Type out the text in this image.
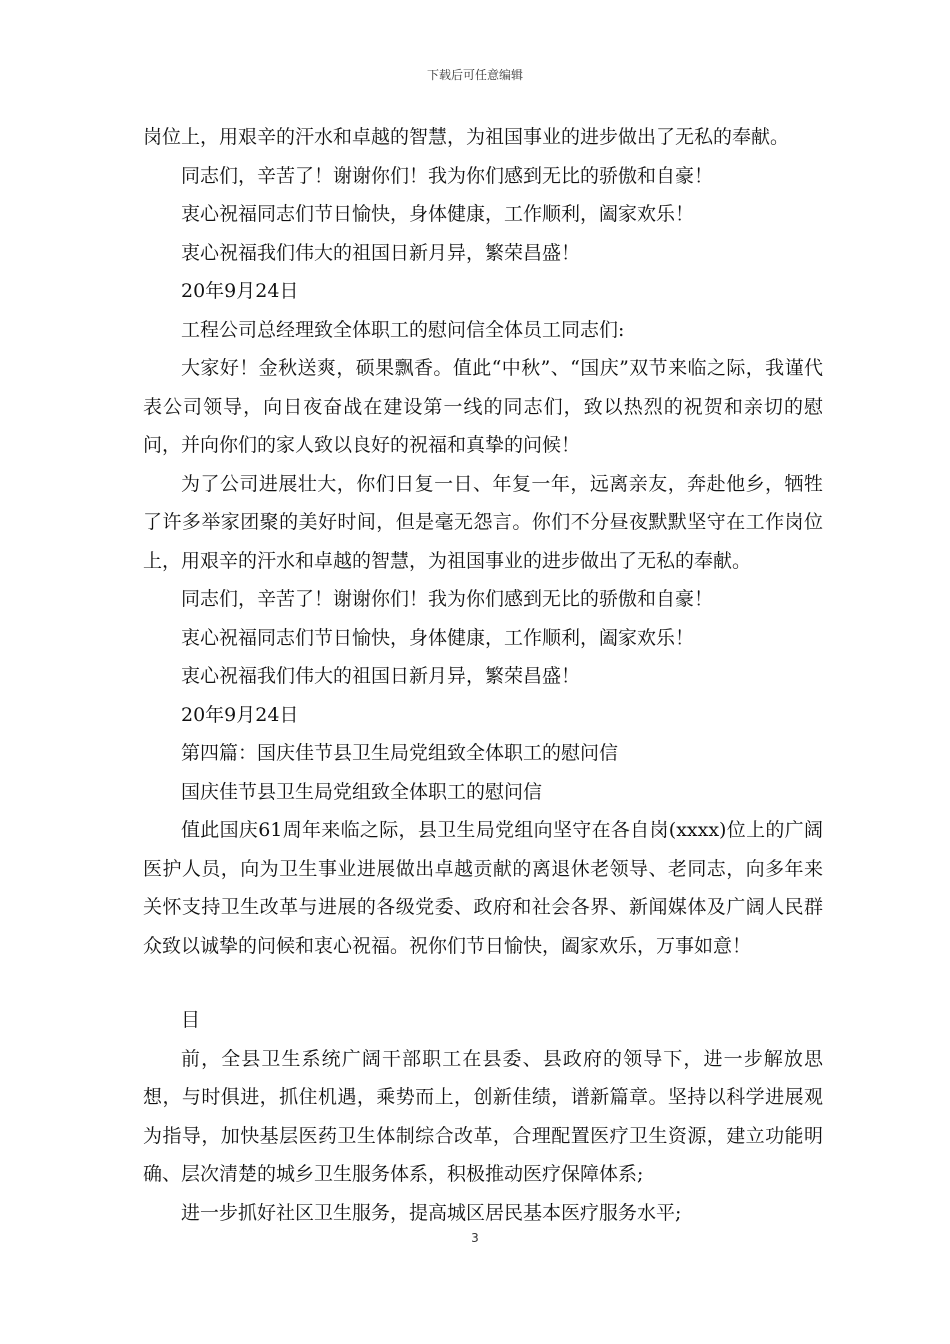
下载后可任意编辑

岗位上，用艰辛的汗水和卓越的智慧，为祖国事业的进步做出了无私的奉献。

同志们，辛苦了！谢谢你们！我为你们感到无比的骄傲和自豪！

衷心祝福同志们节日愉快，身体健康，工作顺利，阖家欢乐！

衷心祝福我们伟大的祖国日新月异，繁荣昌盛！

20年9月24日

工程公司总经理致全体职工的慰问信全体员工同志们:

大家好！金秋送爽，硕果飘香。值此“中秋”、“国庆”双节来临之际，我谨代表公司领导，向日夜奋战在建设第一线的同志们，致以热烈的祝贺和亲切的慰问，并向你们的家人致以良好的祝福和真挚的问候！

为了公司进展壮大，你们日复一日、年复一年，远离亲友，奔赴他乡，牺牲了许多举家团聚的美好时间，但是毫无怨言。你们不分昼夜默默坚守在工作岗位上，用艰辛的汗水和卓越的智慧，为祖国事业的进步做出了无私的奉献。

同志们，辛苦了！谢谢你们！我为你们感到无比的骄傲和自豪！

衷心祝福同志们节日愉快，身体健康，工作顺利，阖家欢乐！

衷心祝福我们伟大的祖国日新月异，繁荣昌盛！

20年9月24日

第四篇：国庆佳节县卫生局党组致全体职工的慰问信

国庆佳节县卫生局党组致全体职工的慰问信

值此国庆61周年来临之际，县卫生局党组向坚守在各自岗(xxxx)位上的广阔医护人员，向为卫生事业进展做出卓越贡献的离退休老领导、老同志，向多年来关怀支持卫生改革与进展的各级党委、政府和社会各界、新闻媒体及广阔人民群众致以诚挚的问候和衷心祝福。祝你们节日愉快，阖家欢乐，万事如意！

目

前，全县卫生系统广阔干部职工在县委、县政府的领导下，进一步解放思想，与时俱进，抓住机遇，乘势而上，创新佳绩，谱新篇章。坚持以科学进展观为指导，加快基层医药卫生体制综合改革，合理配置医疗卫生资源，建立功能明确、层次清楚的城乡卫生服务体系，积极推动医疗保障体系;

进一步抓好社区卫生服务，提高城区居民基本医疗服务水平;

3
